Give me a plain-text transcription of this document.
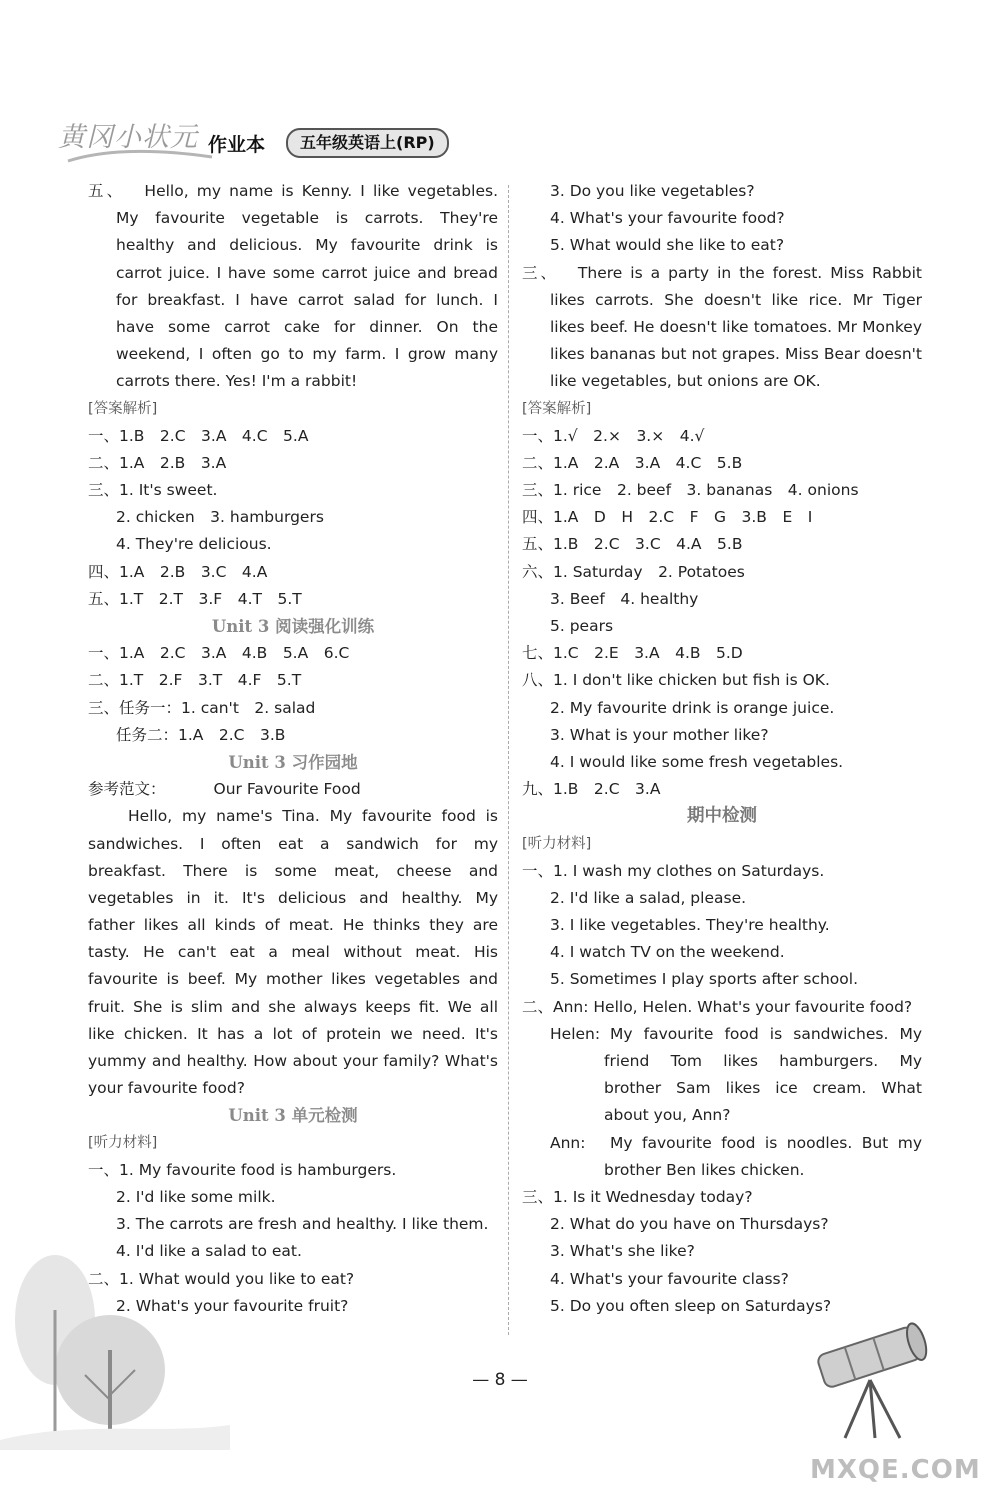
黄冈小状元 作业本	五年级英语上(RP)
五、　 Hello, my name is Kenny. I like vegetables.
My favourite vegetable is carrots. They're
healthy and delicious. My favourite drink is
carrot juice. I have some carrot juice and bread
for breakfast. I have carrot salad for lunch. I
have some carrot cake for dinner. On the
weekend, I often go to my farm. I grow many
carrots there. Yes! I'm a rabbit!
[答案解析]
一、1.B　2.C　3.A　4.C　5.A
二、1.A　2.B　3.A
三、1. It's sweet.
2. chicken　3. hamburgers
4. They're delicious.
四、1.A　2.B　3.C　4.A
五、1.T　2.T　3.F　4.T　5.T
Unit 3 阅读强化训练
一、1.A　2.C　3.A　4.B　5.A　6.C
二、1.T　2.F　3.T　4.F　5.T
三、任务一：1. can't　2. salad
任务二：1.A　2.C　3.B
Unit 3 习作园地
参考范文：	Our Favourite Food
Hello, my name's Tina. My favourite food is
sandwiches. I often eat a sandwich for my
breakfast. There is some meat, cheese and
vegetables in it. It's delicious and healthy. My
father likes all kinds of meat. He thinks they are
tasty. He can't eat a meal without meat. His
favourite is beef. My mother likes vegetables and
fruit. She is slim and she always keeps fit. We all
like chicken. It has a lot of protein we need. It's
yummy and healthy. How about your family? What's
your favourite food?
Unit 3 单元检测
[听力材料]
一、1. My favourite food is hamburgers.
2. I'd like some milk.
3. The carrots are fresh and healthy. I like them.
4. I'd like a salad to eat.
二、1. What would you like to eat?
2. What's your favourite fruit?
3. Do you like vegetables?
4. What's your favourite food?
5. What would she like to eat?
三、　 There is a party in the forest. Miss Rabbit
likes carrots. She doesn't like rice. Mr Tiger
likes beef. He doesn't like tomatoes. Mr Monkey
likes bananas but not grapes. Miss Bear doesn't
like vegetables, but onions are OK.
[答案解析]
一、1.√　2.×　3.×　4.√
二、1.A　2.A　3.A　4.C　5.B
三、1. rice　2. beef　3. bananas　4. onions
四、1.A　D　H　2.C　F　G　3.B　E　I
五、1.B　2.C　3.C　4.A　5.B
六、1. Saturday　2. Potatoes
3. Beef　4. healthy
5. pears
七、1.C　2.E　3.A　4.B　5.D
八、1. I don't like chicken but fish is OK.
2. My favourite drink is orange juice.
3. What is your mother like?
4. I would like some fresh vegetables.
九、1.B　2.C　3.A
期中检测
[听力材料]
一、1. I wash my clothes on Saturdays.
2. I'd like a salad, please.
3. I like vegetables. They're healthy.
4. I watch TV on the weekend.
5. Sometimes I play sports after school.
二、Ann: Hello, Helen. What's your favourite food?
Helen: My favourite food is sandwiches. My
friend Tom likes hamburgers. My
brother Sam likes ice cream. What
about you, Ann?
Ann:	My favourite food is noodles. But my
brother Ben likes chicken.
三、1. Is it Wednesday today?
2. What do you have on Thursdays?
3. What's she like?
4. What's your favourite class?
5. Do you often sleep on Saturdays?
— 8 —
MXQE.COM
